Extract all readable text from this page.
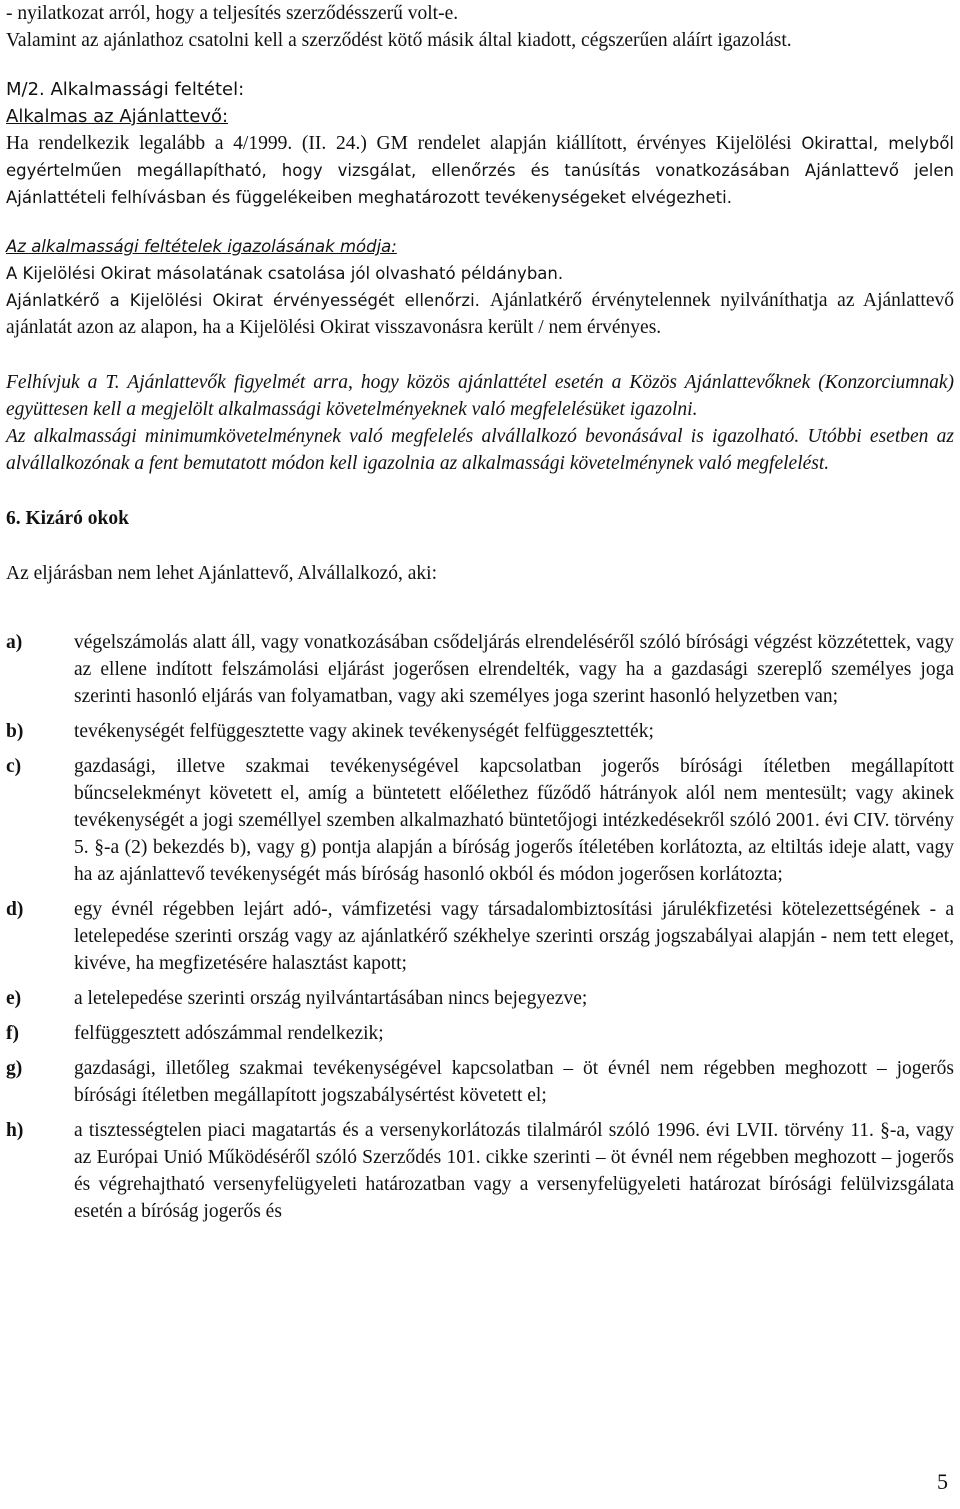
- nyilatkozat arról, hogy a teljesítés szerződésszerű volt-e.

Valamint az ajánlathoz csatolni kell a szerződést kötő másik által kiadott, cégszerűen aláírt igazolást.

M/2. Alkalmassági feltétel:

Alkalmas az Ajánlattevő:

Ha rendelkezik legalább a 4/1999. (II. 24.) GM rendelet alapján kiállított, érvényes Kijelölési Okirattal, melyből egyértelműen megállapítható, hogy vizsgálat, ellenőrzés és tanúsítás vonatkozásában Ajánlattevő jelen Ajánlattételi felhívásban és függelékeiben meghatározott tevékenységeket elvégezheti.

Az alkalmassági feltételek igazolásának módja:

A Kijelölési Okirat másolatának csatolása jól olvasható példányban.

Ajánlatkérő a Kijelölési Okirat érvényességét ellenőrzi. Ajánlatkérő érvénytelennek nyilváníthatja az Ajánlattevő ajánlatát azon az alapon, ha a Kijelölési Okirat visszavonásra került / nem érvényes.

Felhívjuk a T. Ajánlattevők figyelmét arra, hogy közös ajánlattétel esetén a Közös Ajánlattevőknek (Konzorciumnak) együttesen kell a megjelölt alkalmassági követelményeknek való megfelelésüket igazolni.

Az alkalmassági minimumkövetelménynek való megfelelés alvállalkozó bevonásával is igazolható. Utóbbi esetben az alvállalkozónak a fent bemutatott módon kell igazolnia az alkalmassági követelménynek való megfelelést.

6. Kizáró okok

Az eljárásban nem lehet Ajánlattevő, Alvállalkozó, aki:

a)	végelszámolás alatt áll, vagy vonatkozásában csődeljárás elrendeléséről szóló bírósági végzést közzétettek, vagy az ellene indított felszámolási eljárást jogerősen elrendelték, vagy ha a gazdasági szereplő személyes joga szerinti hasonló eljárás van folyamatban, vagy aki személyes joga szerint hasonló helyzetben van;
b)	tevékenységét felfüggesztette vagy akinek tevékenységét felfüggesztették;
c)	gazdasági, illetve szakmai tevékenységével kapcsolatban jogerős bírósági ítéletben megállapított bűncselekményt követett el, amíg a büntetett előélethez fűződő hátrányok alól nem mentesült; vagy akinek tevékenységét a jogi személlyel szemben alkalmazható büntetőjogi intézkedésekről szóló 2001. évi CIV. törvény 5. §-a (2) bekezdés b), vagy g) pontja alapján a bíróság jogerős ítéletében korlátozta, az eltiltás ideje alatt, vagy ha az ajánlattevő tevékenységét más bíróság hasonló okból és módon jogerősen korlátozta;
d)	egy évnél régebben lejárt adó-, vámfizetési vagy társadalombiztosítási járulékfizetési kötelezettségének - a letelepedése szerinti ország vagy az ajánlatkérő székhelye szerinti ország jogszabályai alapján - nem tett eleget, kivéve, ha megfizetésére halasztást kapott;
e)	a letelepedése szerinti ország nyilvántartásában nincs bejegyezve;
f)	felfüggesztett adószámmal rendelkezik;
g)	gazdasági, illetőleg szakmai tevékenységével kapcsolatban – öt évnél nem régebben meghozott – jogerős bírósági ítéletben megállapított jogszabálysértést követett el;
h)	a tisztességtelen piaci magatartás és a versenykorlátozás tilalmáról szóló 1996. évi LVII. törvény 11. §-a, vagy az Európai Unió Működéséről szóló Szerződés 101. cikke szerinti – öt évnél nem régebben meghozott – jogerős és végrehajtható versenyfelügyeleti határozatban vagy a versenyfelügyeleti határozat bírósági felülvizsgálata esetén a bíróság jogerős és
5
